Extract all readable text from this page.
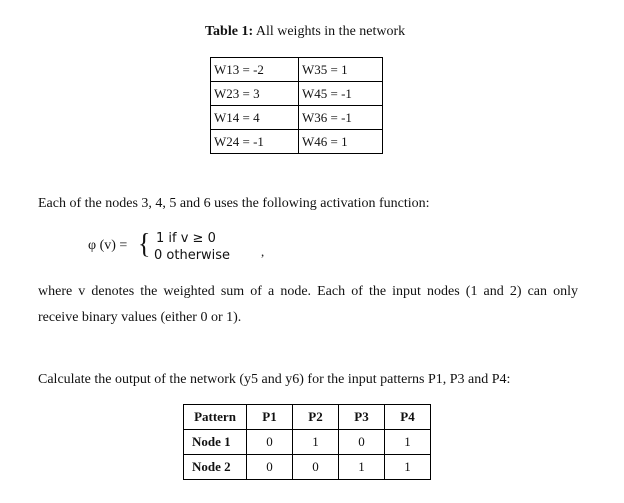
Table 1: All weights in the network
W13 = -2	W35 = 1
W23 = 3	W45 = -1
W14 = 4	W36 = -1
W24 = -1	W46 = 1
Each of the nodes 3, 4, 5 and 6 uses the following activation function:
φ (v) = { 1 if v ≥ 0
0 otherwise ,
where v denotes the weighted sum of a node. Each of the input nodes (1 and 2) can only
receive binary values (either 0 or 1).
Calculate the output of the network (y5 and y6) for the input patterns P1, P3 and P4:
Pattern	P1	P2	P3	P4
Node 1	0	1	0	1
Node 2	0	0	1	1
